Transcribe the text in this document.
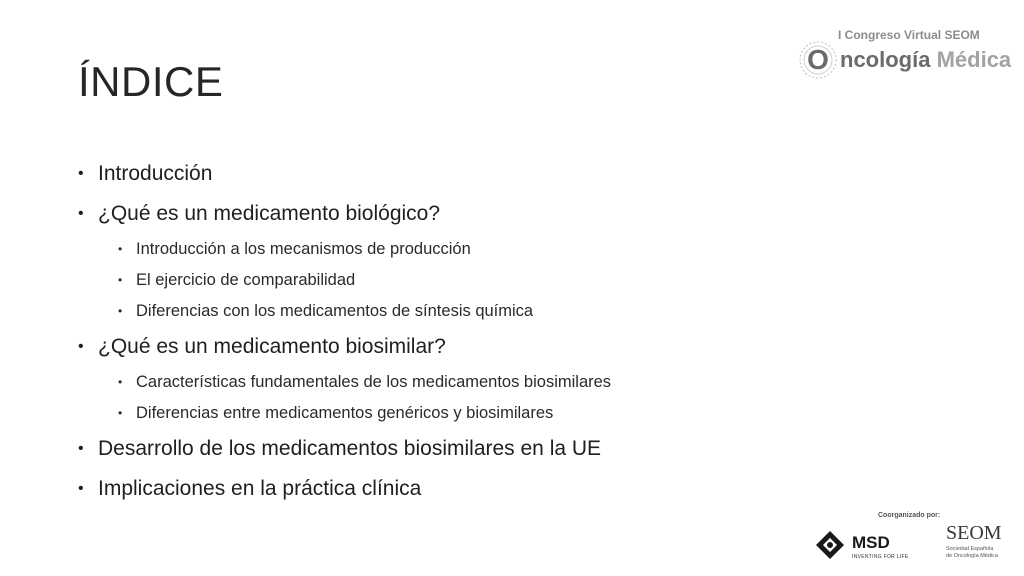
ÍNDICE
I Congreso Virtual SEOM
O ncología Médica
• Introducción
• ¿Qué es un medicamento biológico?
• Introducción a los mecanismos de producción
• El ejercicio de comparabilidad
• Diferencias con los medicamentos de síntesis química
• ¿Qué es un medicamento biosimilar?
• Características fundamentales de los medicamentos biosimilares
• Diferencias entre medicamentos genéricos y biosimilares
• Desarrollo de los medicamentos biosimilares en la UE
• Implicaciones en la práctica clínica
Coorganizado por:
MSD
INVENTING FOR LIFE
SEOM
Sociedad Española
de Oncología Médica
